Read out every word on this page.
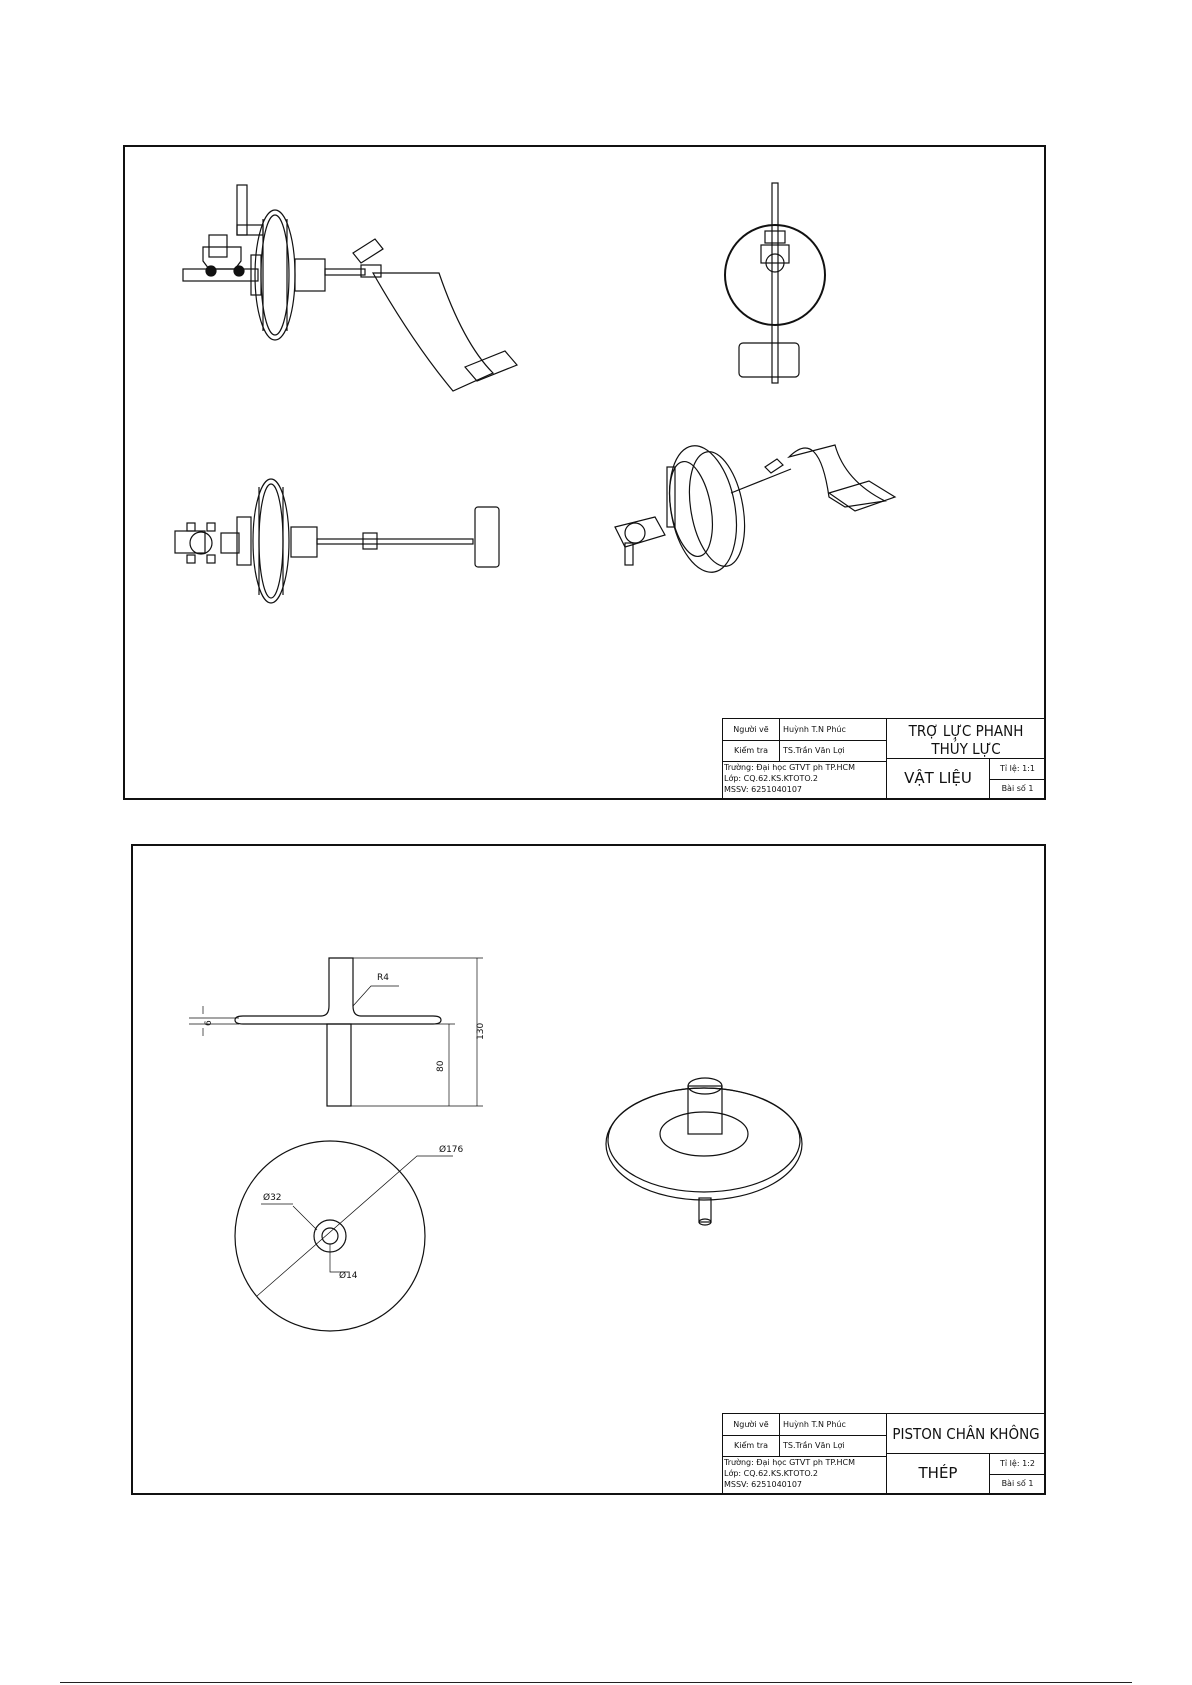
Người vẽ	Huỳnh T.N Phúc
Kiểm tra	TS.Trần Văn Lợi
Trường: Đại học GTVT ph TP.HCM
Lớp: CQ.62.KS.KTOTO.2
MSSV: 6251040107
TRỢ LỰC PHANH
THỦY LỰC
VẬT LIỆU
Tỉ lệ: 1:1
Bài số 1
R4
6	130
80
Ø176
Ø32
Ø14
Người vẽ	Huỳnh T.N Phúc
Kiểm tra	TS.Trần Văn Lợi
Trường: Đại học GTVT ph TP.HCM
Lớp: CQ.62.KS.KTOTO.2
MSSV: 6251040107
PISTON CHÂN KHÔNG
THÉP
Tỉ lệ: 1:2
Bài số 1
